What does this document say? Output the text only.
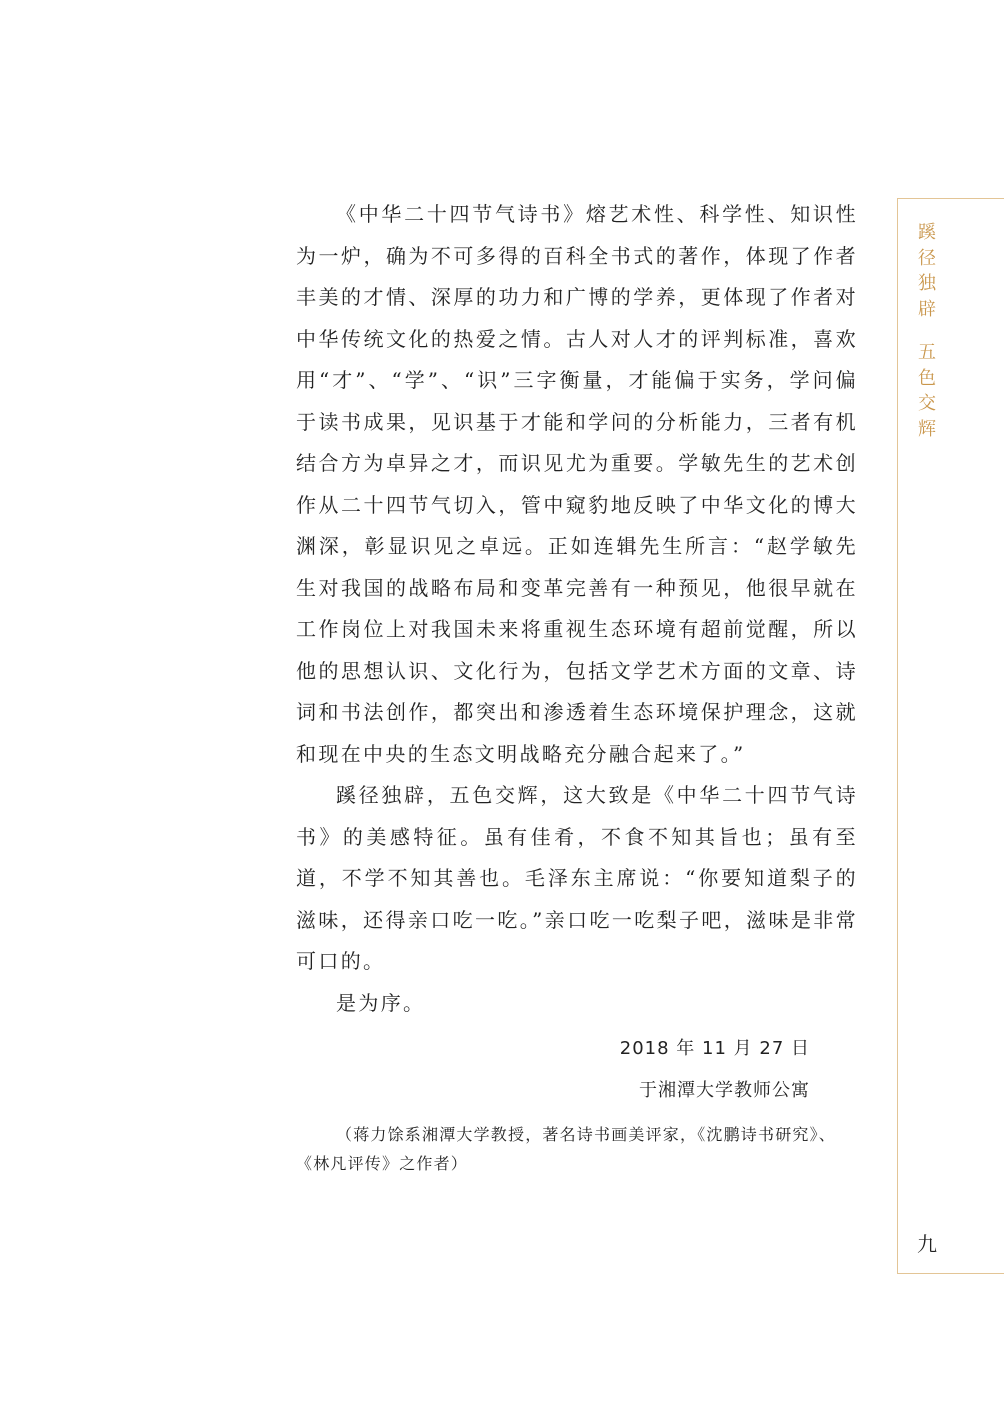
《中华二十四节气诗书》熔艺术性、科学性、知识性为一炉，确为不可多得的百科全书式的著作，体现了作者丰美的才情、深厚的功力和广博的学养，更体现了作者对中华传统文化的热爱之情。古人对人才的评判标准，喜欢用“才”、“学”、“识”三字衡量，才能偏于实务，学问偏于读书成果，见识基于才能和学问的分析能力，三者有机结合方为卓异之才，而识见尤为重要。学敏先生的艺术创作从二十四节气切入，管中窥豹地反映了中华文化的博大渊深，彰显识见之卓远。正如连辑先生所言：“赵学敏先生对我国的战略布局和变革完善有一种预见，他很早就在工作岗位上对我国未来将重视生态环境有超前觉醒，所以他的思想认识、文化行为，包括文学艺术方面的文章、诗词和书法创作，都突出和渗透着生态环境保护理念，这就和现在中央的生态文明战略充分融合起来了。”

蹊径独辟，五色交辉，这大致是《中华二十四节气诗书》的美感特征。虽有佳肴，不食不知其旨也；虽有至道，不学不知其善也。毛泽东主席说：“你要知道梨子的滋味，还得亲口吃一吃。”亲口吃一吃梨子吧，滋味是非常可口的。

是为序。

2018 年 11 月 27 日
于湘潭大学教师公寓

（蒋力馀系湘潭大学教授，著名诗书画美评家，《沈鹏诗书研究》、《林凡评传》之作者）

蹊径独辟
五色交辉
九
